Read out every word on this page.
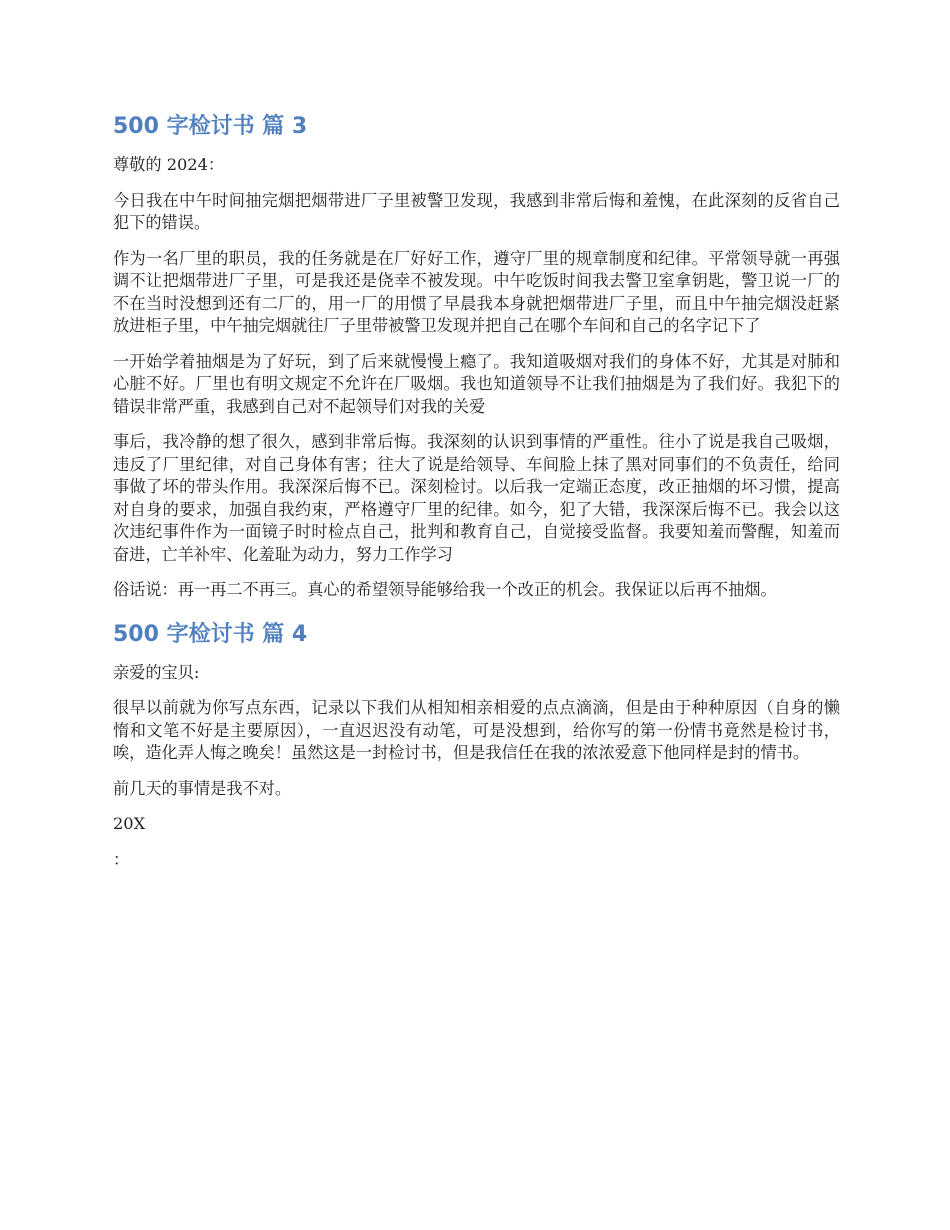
500 字检讨书 篇 3

尊敬的 2024：

今日我在中午时间抽完烟把烟带进厂子里被警卫发现，我感到非常后悔和羞愧，在此深刻的反省自己犯下的错误。

作为一名厂里的职员，我的任务就是在厂好好工作，遵守厂里的规章制度和纪律。平常领导就一再强调不让把烟带进厂子里，可是我还是侥幸不被发现。中午吃饭时间我去警卫室拿钥匙，警卫说一厂的不在当时没想到还有二厂的，用一厂的用惯了早晨我本身就把烟带进厂子里，而且中午抽完烟没赶紧放进柜子里，中午抽完烟就往厂子里带被警卫发现并把自己在哪个车间和自己的名字记下了

一开始学着抽烟是为了好玩，到了后来就慢慢上瘾了。我知道吸烟对我们的身体不好，尤其是对肺和心脏不好。厂里也有明文规定不允许在厂吸烟。我也知道领导不让我们抽烟是为了我们好。我犯下的错误非常严重，我感到自己对不起领导们对我的关爱

事后，我冷静的想了很久，感到非常后悔。我深刻的认识到事情的严重性。往小了说是我自己吸烟，违反了厂里纪律，对自己身体有害；往大了说是给领导、车间脸上抹了黑对同事们的不负责任，给同事做了坏的带头作用。我深深后悔不已。深刻检讨。以后我一定端正态度，改正抽烟的坏习惯，提高对自身的要求，加强自我约束，严格遵守厂里的纪律。如今，犯了大错，我深深后悔不已。我会以这次违纪事件作为一面镜子时时检点自己，批判和教育自己，自觉接受监督。我要知羞而警醒，知羞而奋进，亡羊补牢、化羞耻为动力，努力工作学习

俗话说：再一再二不再三。真心的希望领导能够给我一个改正的机会。我保证以后再不抽烟。

500 字检讨书 篇 4

亲爱的宝贝:

很早以前就为你写点东西，记录以下我们从相知相亲相爱的点点滴滴，但是由于种种原因（自身的懒惰和文笔不好是主要原因），一直迟迟没有动笔，可是没想到，给你写的第一份情书竟然是检讨书，唉，造化弄人悔之晚矣！虽然这是一封检讨书，但是我信任在我的浓浓爱意下他同样是封的情书。

前几天的事情是我不对。

20X

：
